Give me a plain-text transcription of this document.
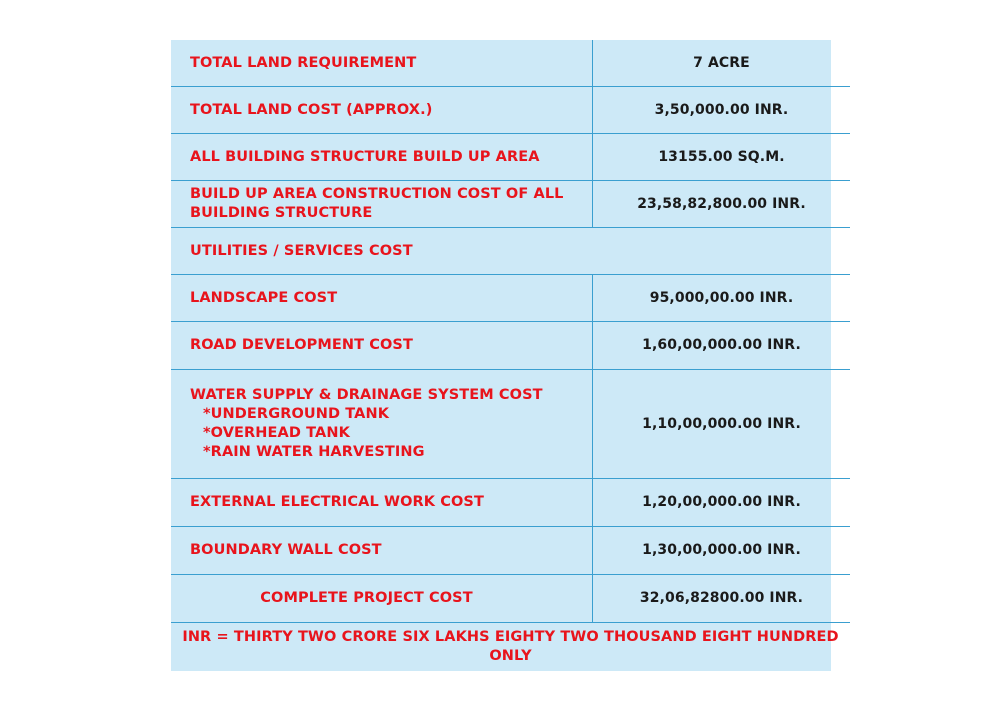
TOTAL LAND REQUIREMENT	7 ACRE
TOTAL LAND COST (APPROX.)	3,50,000.00 INR.
ALL BUILDING STRUCTURE BUILD UP AREA	13155.00 SQ.M.
BUILD UP AREA CONSTRUCTION COST OF ALL BUILDING STRUCTURE	23,58,82,800.00 INR.
UTILITIES / SERVICES COST	
LANDSCAPE COST	95,000,00.00 INR.
ROAD DEVELOPMENT COST	1,60,00,000.00 INR.
WATER SUPPLY & DRAINAGE SYSTEM COST
*UNDERGROUND TANK
*OVERHEAD TANK
*RAIN WATER HARVESTING	1,10,00,000.00 INR.
EXTERNAL ELECTRICAL WORK COST	1,20,00,000.00 INR.
BOUNDARY WALL COST	1,30,00,000.00 INR.
COMPLETE PROJECT COST	32,06,82800.00 INR.
INR = THIRTY TWO CRORE SIX LAKHS EIGHTY TWO THOUSAND EIGHT HUNDRED ONLY	
